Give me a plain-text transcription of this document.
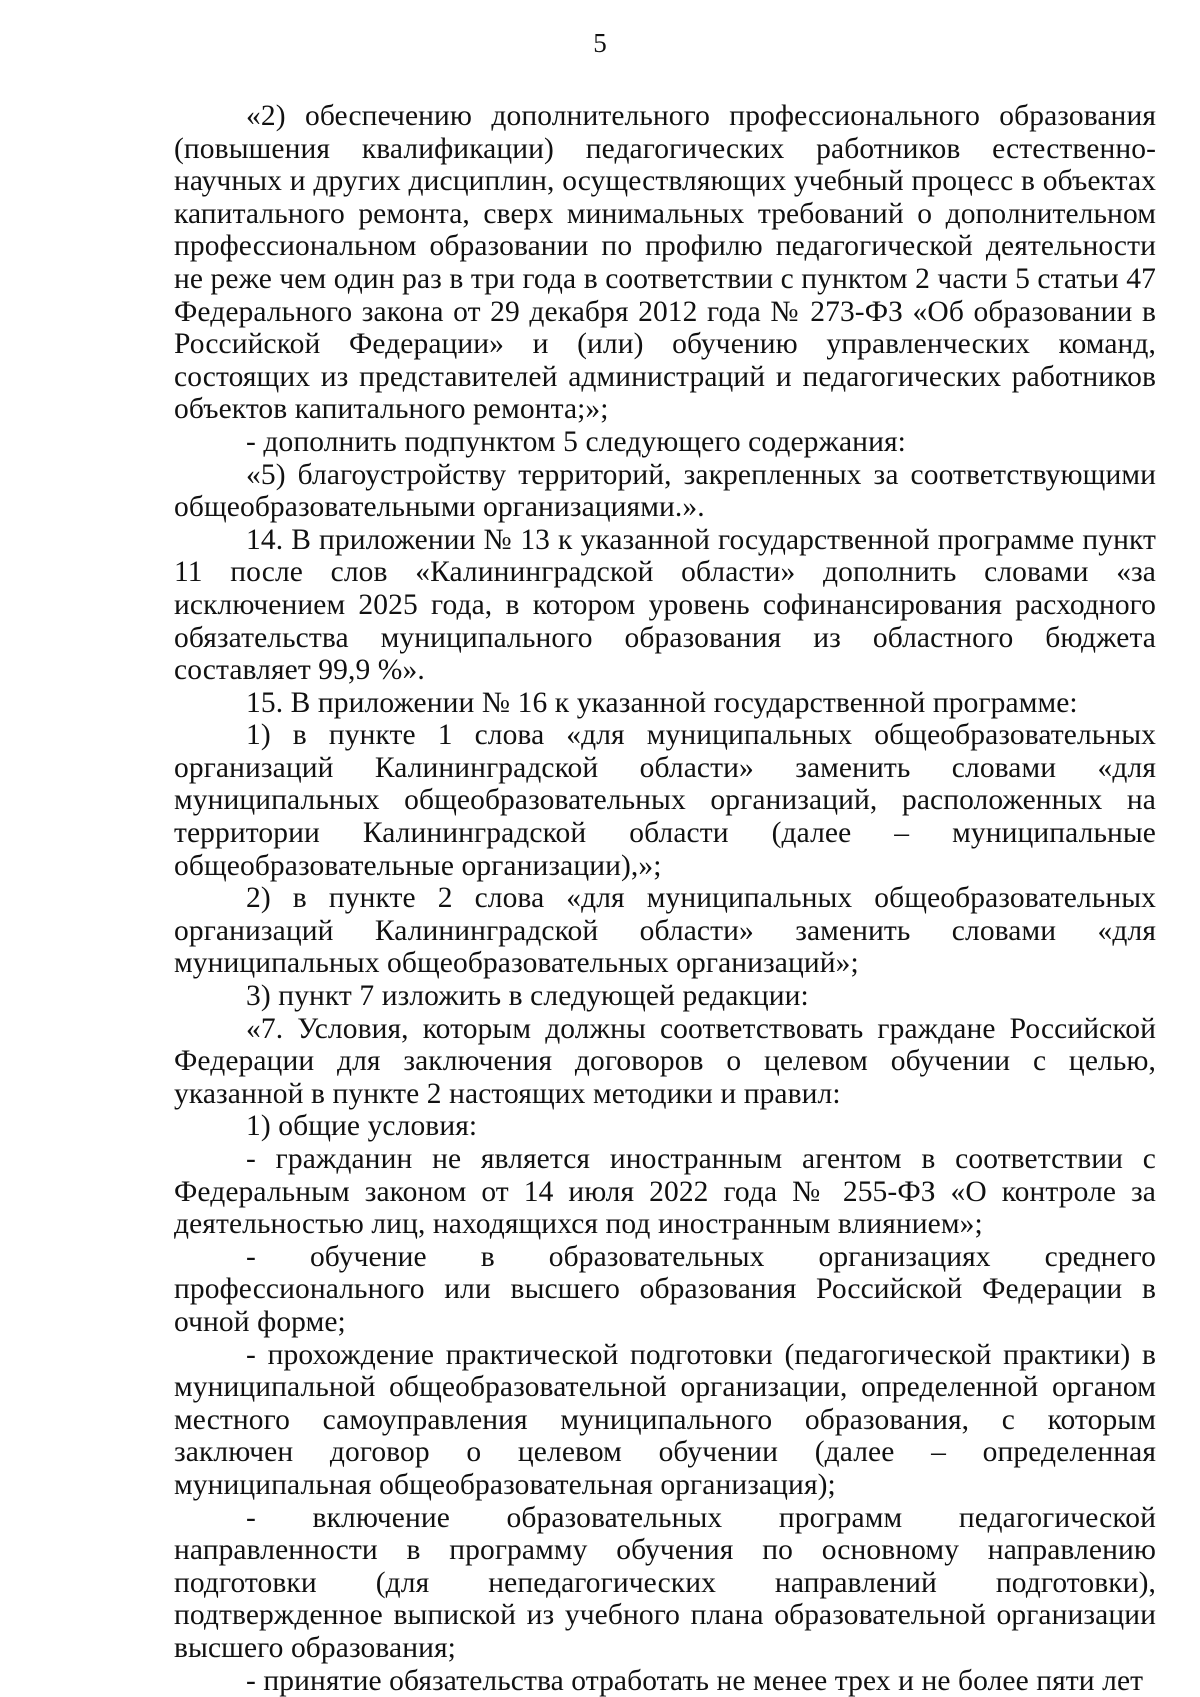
5

«2) обеспечению дополнительного профессионального образования (повышения квалификации) педагогических работников естественно-научных и других дисциплин, осуществляющих учебный процесс в объектах капитального ремонта, сверх минимальных требований о дополнительном профессиональном образовании по профилю педагогической деятельности не реже чем один раз в три года в соответствии с пунктом 2 части 5 статьи 47 Федерального закона от 29 декабря 2012 года № 273-ФЗ «Об образовании в Российской Федерации» и (или) обучению управленческих команд, состоящих из представителей администраций и педагогических работников объектов капитального ремонта;»;

- дополнить подпунктом 5 следующего содержания:

«5) благоустройству территорий, закрепленных за соответствующими общеобразовательными организациями.».

14. В приложении № 13 к указанной государственной программе пункт 11 после слов «Калининградской области» дополнить словами «за исключением 2025 года, в котором уровень софинансирования расходного обязательства муниципального образования из областного бюджета составляет 99,9 %».

15. В приложении № 16 к указанной государственной программе:

1) в пункте 1 слова «для муниципальных общеобразовательных организаций Калининградской области» заменить словами «для муниципальных общеобразовательных организаций, расположенных на территории Калининградской области (далее – муниципальные общеобразовательные организации),»;

2) в пункте 2 слова «для муниципальных общеобразовательных организаций Калининградской области» заменить словами «для муниципальных общеобразовательных организаций»;

3) пункт 7 изложить в следующей редакции:

«7. Условия, которым должны соответствовать граждане Российской Федерации для заключения договоров о целевом обучении с целью, указанной в пункте 2 настоящих методики и правил:

1) общие условия:

- гражданин не является иностранным агентом в соответствии с Федеральным законом от 14 июля 2022 года № 255-ФЗ «О контроле за деятельностью лиц, находящихся под иностранным влиянием»;

- обучение в образовательных организациях среднего профессионального или высшего образования Российской Федерации в очной форме;

- прохождение практической подготовки (педагогической практики) в муниципальной общеобразовательной организации, определенной органом местного самоуправления муниципального образования, с которым заключен договор о целевом обучении (далее – определенная муниципальная общеобразовательная организация);

- включение образовательных программ педагогической направленности в программу обучения по основному направлению подготовки (для непедагогических направлений подготовки), подтвержденное выпиской из учебного плана образовательной организации высшего образования;

- принятие обязательства отработать не менее трех и не более пяти лет
